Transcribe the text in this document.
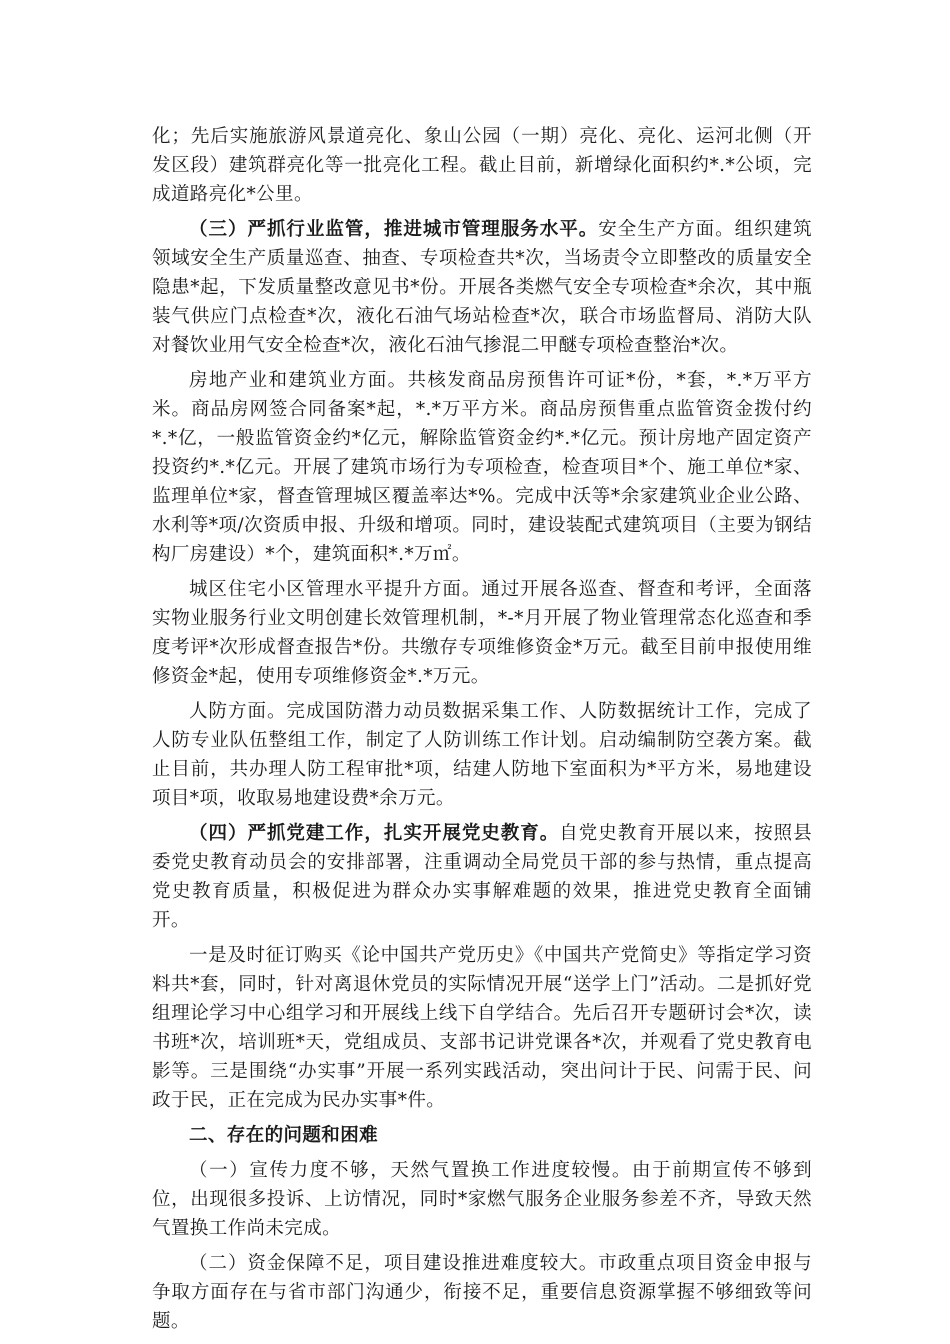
化；先后实施旅游风景道亮化、象山公园（一期）亮化、亮化、运河北侧（开发区段）建筑群亮化等一批亮化工程。截止目前，新增绿化面积约*.*公顷，完成道路亮化*公里。

（三）严抓行业监管，推进城市管理服务水平。安全生产方面。组织建筑领域安全生产质量巡查、抽查、专项检查共*次，当场责令立即整改的质量安全隐患*起，下发质量整改意见书*份。开展各类燃气安全专项检查*余次，其中瓶装气供应门点检查*次，液化石油气场站检查*次，联合市场监督局、消防大队对餐饮业用气安全检查*次，液化石油气掺混二甲醚专项检查整治*次。

房地产业和建筑业方面。共核发商品房预售许可证*份，*套，*.*万平方米。商品房网签合同备案*起，*.*万平方米。商品房预售重点监管资金拨付约*.*亿，一般监管资金约*亿元，解除监管资金约*.*亿元。预计房地产固定资产投资约*.*亿元。开展了建筑市场行为专项检查，检查项目*个、施工单位*家、监理单位*家，督查管理城区覆盖率达*%。完成中沃等*余家建筑业企业公路、水利等*项/次资质申报、升级和增项。同时，建设装配式建筑项目（主要为钢结构厂房建设）*个，建筑面积*.*万㎡。

城区住宅小区管理水平提升方面。通过开展各巡查、督查和考评，全面落实物业服务行业文明创建长效管理机制，*-*月开展了物业管理常态化巡查和季度考评*次形成督查报告*份。共缴存专项维修资金*万元。截至目前申报使用维修资金*起，使用专项维修资金*.*万元。

人防方面。完成国防潜力动员数据采集工作、人防数据统计工作，完成了人防专业队伍整组工作，制定了人防训练工作计划。启动编制防空袭方案。截止目前，共办理人防工程审批*项，结建人防地下室面积为*平方米，易地建设项目*项，收取易地建设费*余万元。

（四）严抓党建工作，扎实开展党史教育。自党史教育开展以来，按照县委党史教育动员会的安排部署，注重调动全局党员干部的参与热情，重点提高党史教育质量，积极促进为群众办实事解难题的效果，推进党史教育全面铺开。

一是及时征订购买《论中国共产党历史》《中国共产党简史》等指定学习资料共*套，同时，针对离退休党员的实际情况开展“送学上门”活动。二是抓好党组理论学习中心组学习和开展线上线下自学结合。先后召开专题研讨会*次，读书班*次，培训班*天，党组成员、支部书记讲党课各*次，并观看了党史教育电影等。三是围绕“办实事”开展一系列实践活动，突出问计于民、问需于民、问政于民，正在完成为民办实事*件。

二、存在的问题和困难

（一）宣传力度不够，天然气置换工作进度较慢。由于前期宣传不够到位，出现很多投诉、上访情况，同时*家燃气服务企业服务参差不齐，导致天然气置换工作尚未完成。

（二）资金保障不足，项目建设推进难度较大。市政重点项目资金申报与争取方面存在与省市部门沟通少，衔接不足，重要信息资源掌握不够细致等问题。
